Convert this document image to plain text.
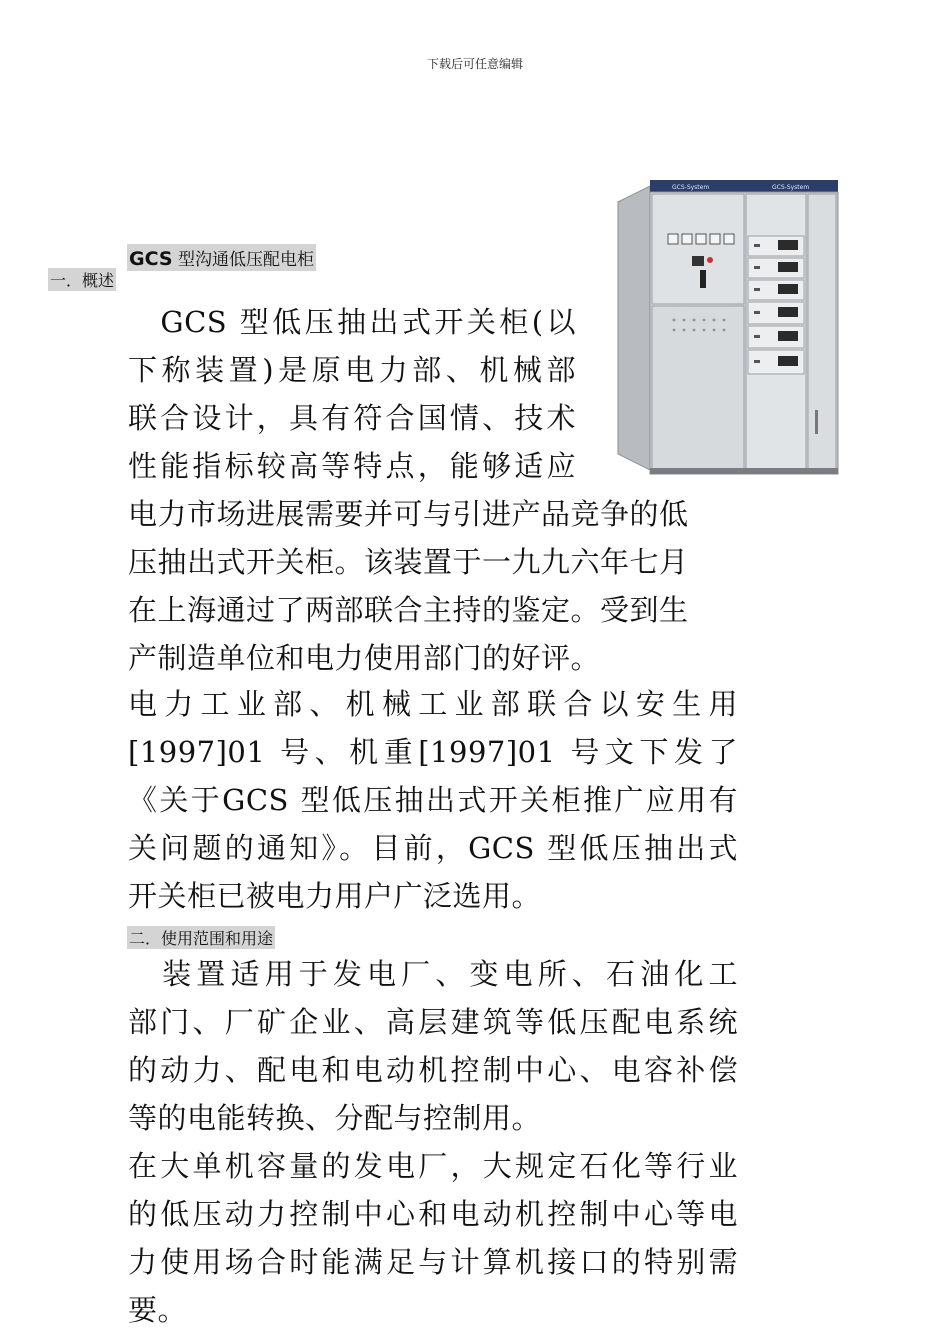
下载后可任意编辑
GCS-System	GCS-System
GCS 型沟通低压配电柜
一．概述
　GCS 型低压抽出式开关柜(以
下称装置)是原电力部、机械部
联合设计，具有符合国情、技术
性能指标较高等特点，能够适应
电力市场进展需要并可与引进产品竞争的低
压抽出式开关柜。该装置于一九九六年七月
在上海通过了两部联合主持的鉴定。受到生
产制造单位和电力使用部门的好评。
电力工业部、机械工业部联合以安生用
[1997]01 号、机重[1997]01 号文下发了
《关于GCS 型低压抽出式开关柜推广应用有
关问题的通知》。目前，GCS 型低压抽出式
开关柜已被电力用户广泛选用。
二．使用范围和用途
　装置适用于发电厂、变电所、石油化工
部门、厂矿企业、高层建筑等低压配电系统
的动力、配电和电动机控制中心、电容补偿
等的电能转换、分配与控制用。
在大单机容量的发电厂，大规定石化等行业
的低压动力控制中心和电动机控制中心等电
力使用场合时能满足与计算机接口的特别需
要。
